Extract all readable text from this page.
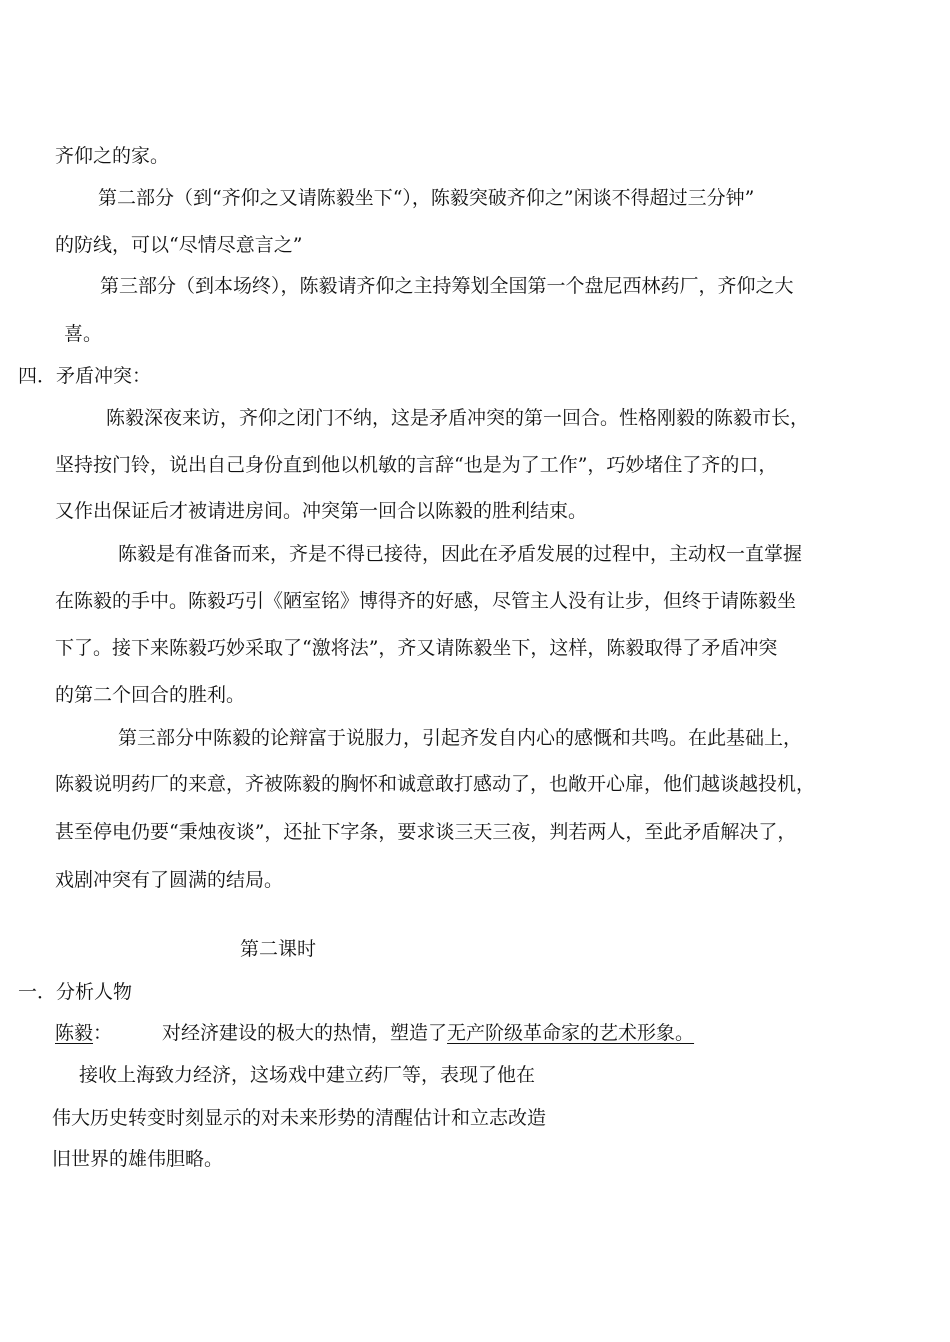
齐仰之的家。
第二部分（到“齐仰之又请陈毅坐下“），陈毅突破齐仰之”闲谈不得超过三分钟”
的防线，可以“尽情尽意言之”
第三部分（到本场终），陈毅请齐仰之主持筹划全国第一个盘尼西林药厂，齐仰之大
喜。
四．矛盾冲突：
陈毅深夜来访，齐仰之闭门不纳，这是矛盾冲突的第一回合。性格刚毅的陈毅市长，
坚持按门铃，说出自己身份直到他以机敏的言辞“也是为了工作”，巧妙堵住了齐的口，
又作出保证后才被请进房间。冲突第一回合以陈毅的胜利结束。
陈毅是有准备而来，齐是不得已接待，因此在矛盾发展的过程中，主动权一直掌握
在陈毅的手中。陈毅巧引《陋室铭》博得齐的好感，尽管主人没有让步，但终于请陈毅坐
下了。接下来陈毅巧妙采取了“激将法”，齐又请陈毅坐下，这样，陈毅取得了矛盾冲突
的第二个回合的胜利。
第三部分中陈毅的论辩富于说服力，引起齐发自内心的感慨和共鸣。在此基础上，
陈毅说明药厂的来意，齐被陈毅的胸怀和诚意敢打感动了，也敞开心扉，他们越谈越投机，
甚至停电仍要“秉烛夜谈”，还扯下字条，要求谈三天三夜，判若两人，至此矛盾解决了，
戏剧冲突有了圆满的结局。
第二课时
一．分析人物
陈毅：	对经济建设的极大的热情，塑造了无产阶级革命家的艺术形象。
接收上海致力经济，这场戏中建立药厂等，表现了他在
伟大历史转变时刻显示的对未来形势的清醒估计和立志改造
旧世界的雄伟胆略。
